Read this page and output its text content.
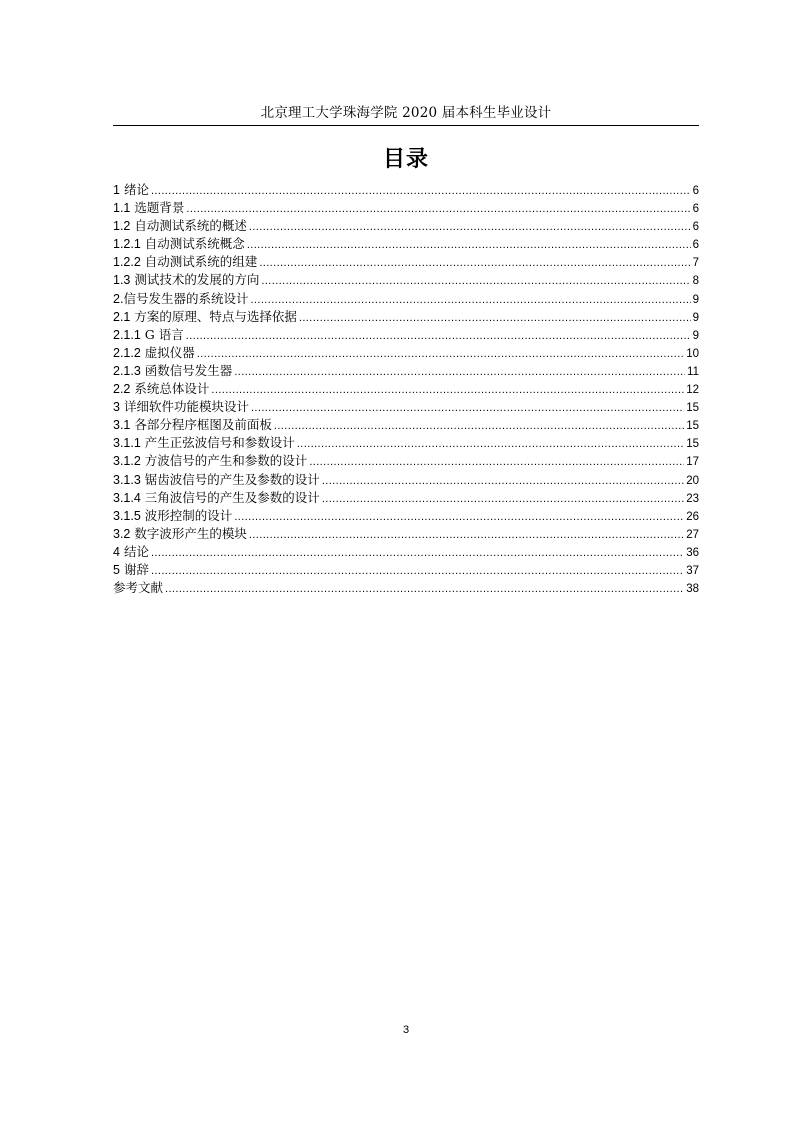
北京理工大学珠海学院 2020 届本科生毕业设计
目录
1 绪论 .....	6
1.1 选题背景 .....	6
1.2 自动测试系统的概述 .....	6
1.2.1 自动测试系统概念 .....	6
1.2.2 自动测试系统的组建 .....	7
1.3 测试技术的发展的方向 .....	8
2.信号发生器的系统设计 .....	9
2.1 方案的原理、特点与选择依据 .....	9
2.1.1 G 语言 .....	9
2.1.2 虚拟仪器 .....	10
2.1.3 函数信号发生器 .....	11
2.2 系统总体设计 .....	12
3 详细软件功能模块设计 .....	15
3.1 各部分程序框图及前面板 .....	15
3.1.1 产生正弦波信号和参数设计 .....	15
3.1.2 方波信号的产生和参数的设计 .....	17
3.1.3 锯齿波信号的产生及参数的设计 .....	20
3.1.4 三角波信号的产生及参数的设计 .....	23
3.1.5 波形控制的设计 .....	26
3.2 数字波形产生的模块 .....	27
4 结论 .....	36
5 谢辞 .....	37
参考文献 .....	38
3
